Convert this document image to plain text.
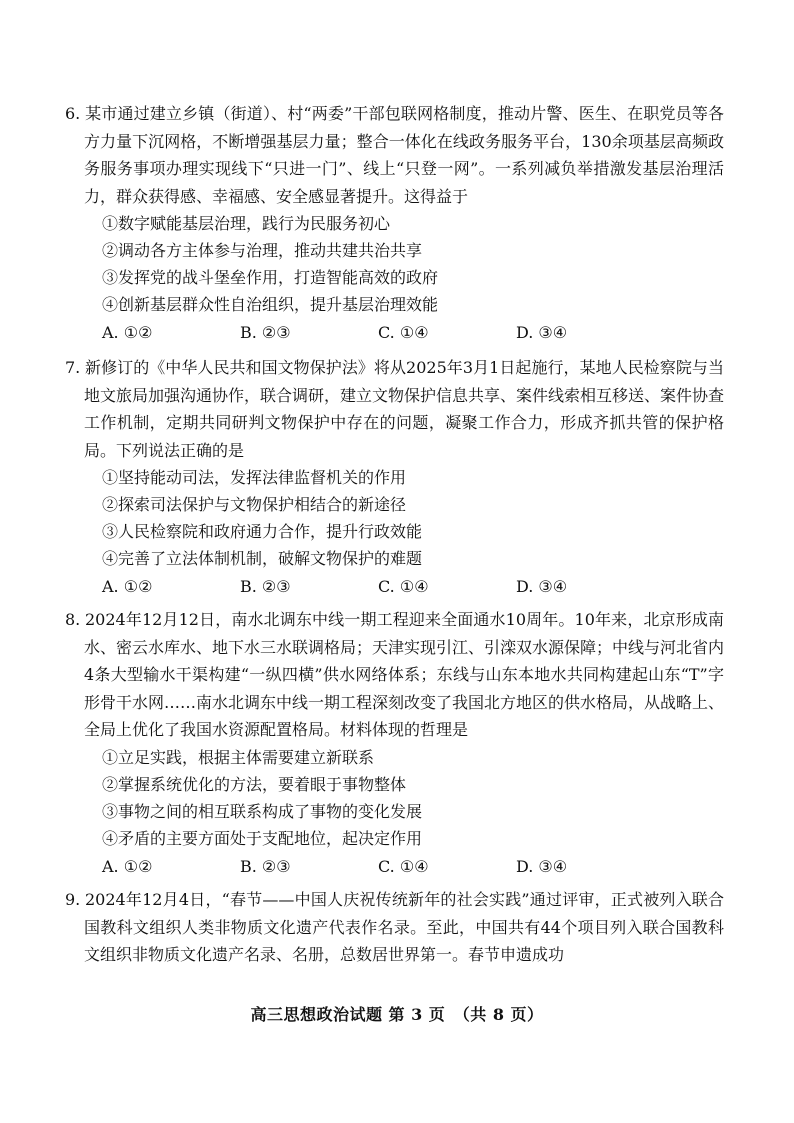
6. 某市通过建立乡镇（街道）、村“两委”干部包联网格制度，推动片警、医生、在职党员等各方力量下沉网格，不断增强基层力量；整合一体化在线政务服务平台，130余项基层高频政务服务事项办理实现线下“只进一门”、线上“只登一网”。一系列减负举措激发基层治理活力，群众获得感、幸福感、安全感显著提升。这得益于

①数字赋能基层治理，践行为民服务初心

②调动各方主体参与治理，推动共建共治共享

③发挥党的战斗堡垒作用，打造智能高效的政府

④创新基层群众性自治组织，提升基层治理效能

A. ①②	B. ②③	C. ①④	D. ③④

7. 新修订的《中华人民共和国文物保护法》将从2025年3月1日起施行，某地人民检察院与当地文旅局加强沟通协作，联合调研，建立文物保护信息共享、案件线索相互移送、案件协查工作机制，定期共同研判文物保护中存在的问题，凝聚工作合力，形成齐抓共管的保护格局。下列说法正确的是

①坚持能动司法，发挥法律监督机关的作用

②探索司法保护与文物保护相结合的新途径

③人民检察院和政府通力合作，提升行政效能

④完善了立法体制机制，破解文物保护的难题

A. ①②	B. ②③	C. ①④	D. ③④

8. 2024年12月12日，南水北调东中线一期工程迎来全面通水10周年。10年来，北京形成南水、密云水库水、地下水三水联调格局；天津实现引江、引滦双水源保障；中线与河北省内4条大型输水干渠构建“一纵四横”供水网络体系；东线与山东本地水共同构建起山东“T”字形骨干水网……南水北调东中线一期工程深刻改变了我国北方地区的供水格局，从战略上、全局上优化了我国水资源配置格局。材料体现的哲理是

①立足实践，根据主体需要建立新联系

②掌握系统优化的方法，要着眼于事物整体

③事物之间的相互联系构成了事物的变化发展

④矛盾的主要方面处于支配地位，起决定作用

A. ①②	B. ②③	C. ①④	D. ③④

9. 2024年12月4日，“春节——中国人庆祝传统新年的社会实践”通过评审，正式被列入联合国教科文组织人类非物质文化遗产代表作名录。至此，中国共有44个项目列入联合国教科文组织非物质文化遗产名录、名册，总数居世界第一。春节申遗成功

高三思想政治试题 第 3 页　（共 8 页）
